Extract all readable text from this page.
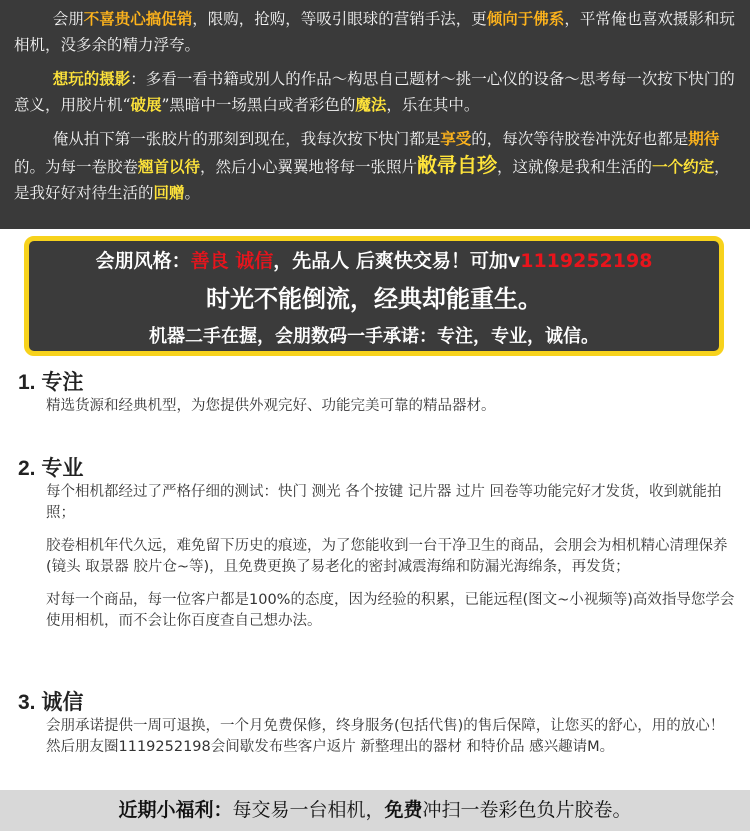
会朋不喜贵心搞促销，限购，抢购，等吸引眼球的营销手法，更倾向于佛系，平常俺也喜欢摄影和玩相机，没多余的精力浮夸。

想玩的摄影：多看一看书籍或别人的作品～构思自己题材～挑一心仪的设备～思考每一次按下快门的意义，用胶片机“破展”黑暗中一场黑白或者彩色的魔法，乐在其中。

俺从拍下第一张胶片的那刻到现在，我每次按下快门都是享受的，每次等待胶卷冲洗好也都是期待的。为每一卷胶卷翘首以待，然后小心翼翼地将每一张照片敝帚自珍，这就像是我和生活的一个约定，是我好好对待生活的回赠。

会朋风格：善良 诚信，先品人 后爽快交易！可加v1119252198
时光不能倒流，经典却能重生。
机器二手在握，会朋数码一手承诺：专注，专业，诚信。
1. 专注

精选货源和经典机型，为您提供外观完好、功能完美可靠的精品器材。

2. 专业

每个相机都经过了严格仔细的测试：快门 测光 各个按键 记片器 过片 回卷等功能完好才发货，收到就能拍照；

胶卷相机年代久远，难免留下历史的痕迹，为了您能收到一台干净卫生的商品，会朋会为相机精心清理保养(镜头 取景器 胶片仓~等)，且免费更换了易老化的密封减震海绵和防漏光海绵条，再发货；

对每一个商品，每一位客户都是100%的态度，因为经验的积累，已能远程(图文~小视频等)高效指导您学会使用相机，而不会让你百度查自己想办法。

3. 诚信

会朋承诺提供一周可退换，一个月免费保修，终身服务(包括代售)的售后保障，让您买的舒心，用的放心！ 然后朋友圈1119252198会间歇发布些客户返片 新整理出的器材 和特价品 感兴趣请M。

近期小福利：每交易一台相机，免费冲扫一卷彩色负片胶卷。
